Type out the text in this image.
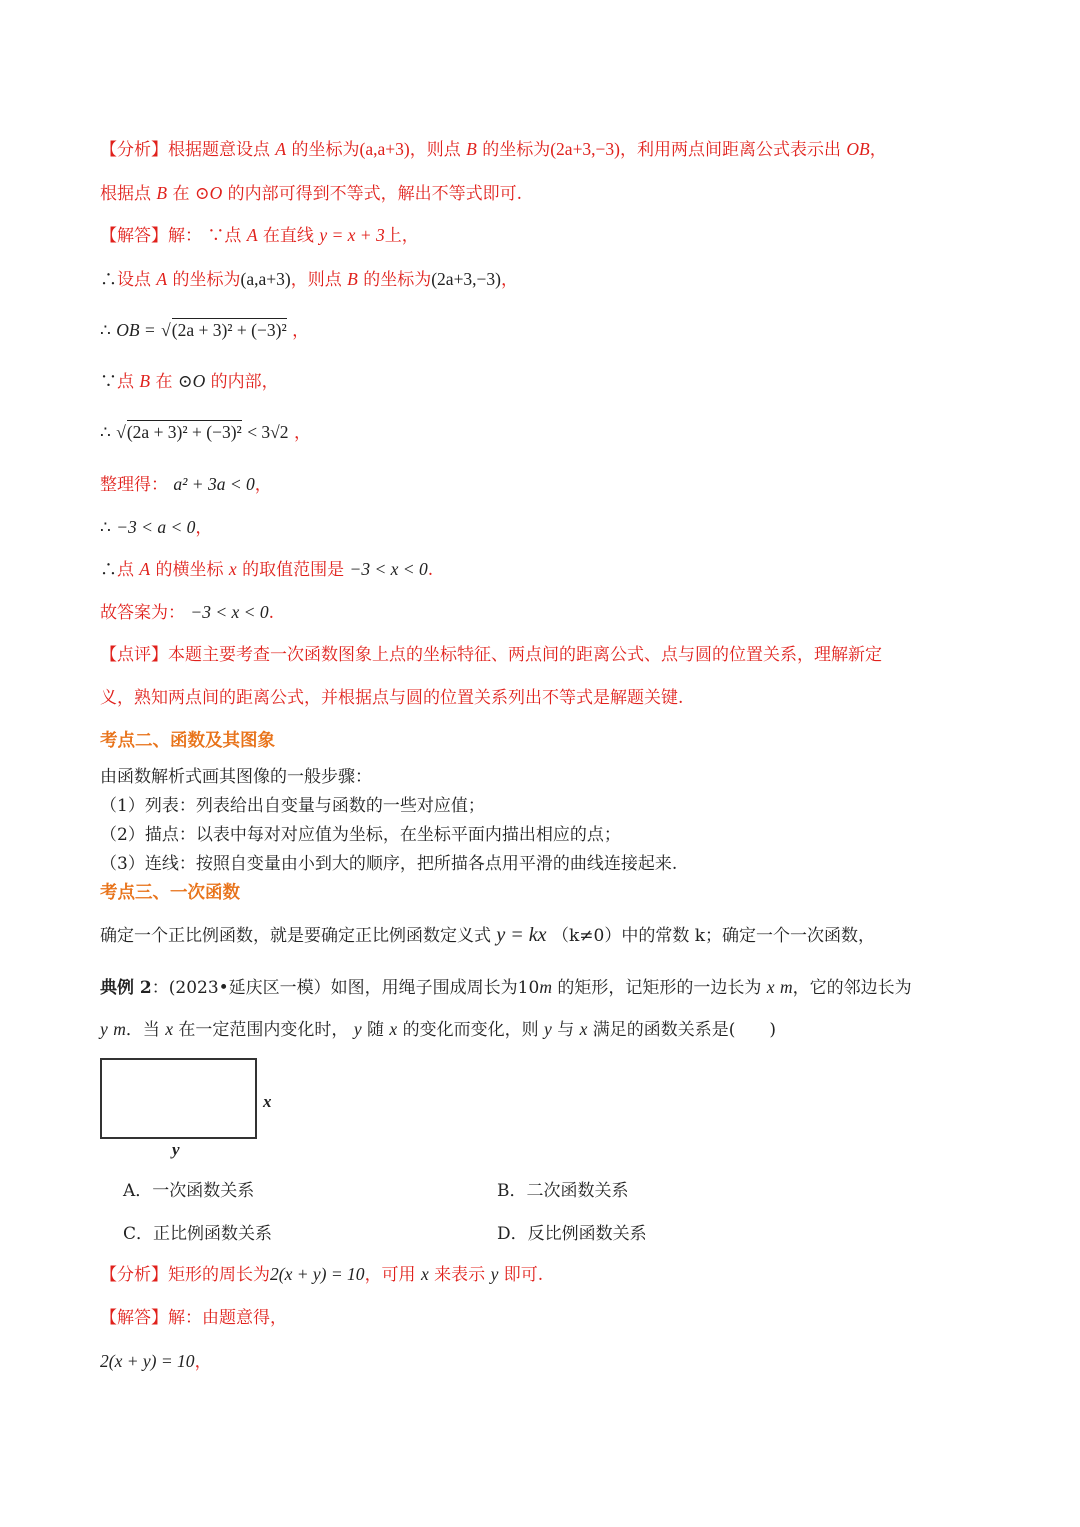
【分析】根据题意设点 A 的坐标为(a,a+3)，则点 B 的坐标为(2a+3,−3)，利用两点间距离公式表示出 OB，
根据点 B 在 ⊙O 的内部可得到不等式，解出不等式即可.
【解答】解： ∵点 A 在直线 y = x + 3上，
∴设点 A 的坐标为(a,a+3)，则点 B 的坐标为(2a+3,−3)，
∴ OB = √(2a + 3)² + (−3)² ，
∵点 B 在 ⊙O 的内部，
∴ √(2a + 3)² + (−3)² < 3√2 ，
整理得： a² + 3a < 0，
∴ −3 < a < 0，
∴点 A 的横坐标 x 的取值范围是 −3 < x < 0.
故答案为： −3 < x < 0.
【点评】本题主要考查一次函数图象上点的坐标特征、两点间的距离公式、点与圆的位置关系，理解新定
义，熟知两点间的距离公式，并根据点与圆的位置关系列出不等式是解题关键.
考点二、函数及其图象
由函数解析式画其图像的一般步骤：
（1）列表：列表给出自变量与函数的一些对应值；
（2）描点：以表中每对对应值为坐标，在坐标平面内描出相应的点；
（3）连线：按照自变量由小到大的顺序，把所描各点用平滑的曲线连接起来.
考点三、一次函数
确定一个正比例函数，就是要确定正比例函数定义式 y = kx （k≠0）中的常数 k；确定一个一次函数，
典例 2：(2023•延庆区一模）如图，用绳子围成周长为10m 的矩形，记矩形的一边长为 x m，它的邻边长为
y m．当 x 在一定范围内变化时， y 随 x 的变化而变化，则 y 与 x 满足的函数关系是(　　)
x
y
A．一次函数关系	B．二次函数关系
C．正比例函数关系	D．反比例函数关系
【分析】矩形的周长为2(x + y) = 10，可用 x 来表示 y 即可.
【解答】解：由题意得，
2(x + y) = 10，
